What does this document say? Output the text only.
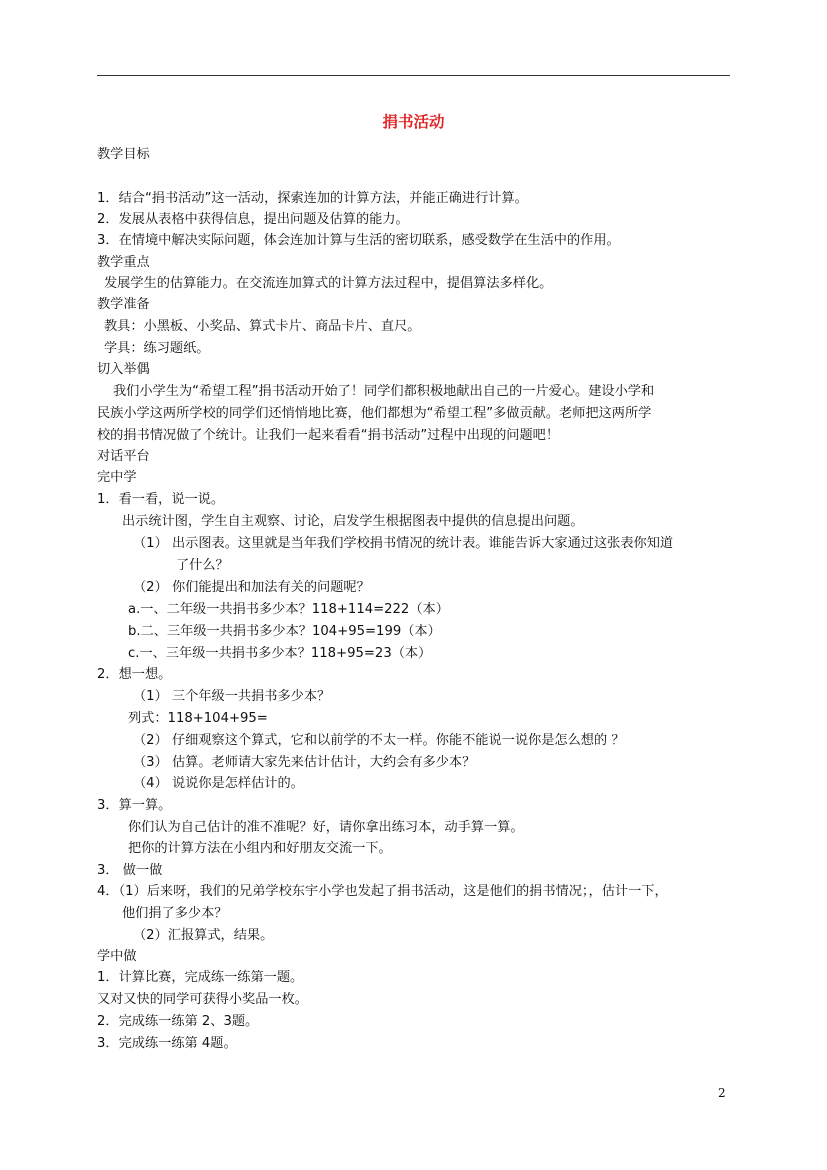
捐书活动
教学目标
1．结合“捐书活动”这一活动，探索连加的计算方法，并能正确进行计算。
2．发展从表格中获得信息，提出问题及估算的能力。
3．在情境中解决实际问题，体会连加计算与生活的密切联系，感受数学在生活中的作用。
教学重点
发展学生的估算能力。在交流连加算式的计算方法过程中，提倡算法多样化。
教学准备
教具：小黑板、小奖品、算式卡片、商品卡片、直尺。
学具：练习题纸。
切入举偶
我们小学生为“希望工程”捐书活动开始了！同学们都积极地献出自己的一片爱心。建设小学和
民族小学这两所学校的同学们还悄悄地比赛，他们都想为“希望工程”多做贡献。老师把这两所学
校的捐书情况做了个统计。让我们一起来看看“捐书活动”过程中出现的问题吧！
对话平台
完中学
1．看一看，说一说。
出示统计图，学生自主观察、讨论，启发学生根据图表中提供的信息提出问题。
（1） 出示图表。这里就是当年我们学校捐书情况的统计表。谁能告诉大家通过这张表你知道
了什么？
（2） 你们能提出和加法有关的问题呢？
a.一、二年级一共捐书多少本？118+114=222（本）
b.二、三年级一共捐书多少本？104+95=199（本）
c.一、三年级一共捐书多少本？118+95=23（本）
2．想一想。
（1） 三个年级一共捐书多少本？
列式：118+104+95=
（2） 仔细观察这个算式，它和以前学的不太一样。你能不能说一说你是怎么想的 ？
（3） 估算。老师请大家先来估计估计，大约会有多少本？
（4） 说说你是怎样估计的。
3．算一算。
你们认为自己估计的准不准呢？好，请你拿出练习本，动手算一算。
把你的计算方法在小组内和好朋友交流一下。
3． 做一做
4．（1）后来呀，我们的兄弟学校东宇小学也发起了捐书活动，这是他们的捐书情况；，估计一下，
他们捐了多少本？
（2）汇报算式，结果。
学中做
1．计算比赛，完成练一练第一题。
又对又快的同学可获得小奖品一枚。
2．完成练一练第 2、3题。
3．完成练一练第 4题。
2
